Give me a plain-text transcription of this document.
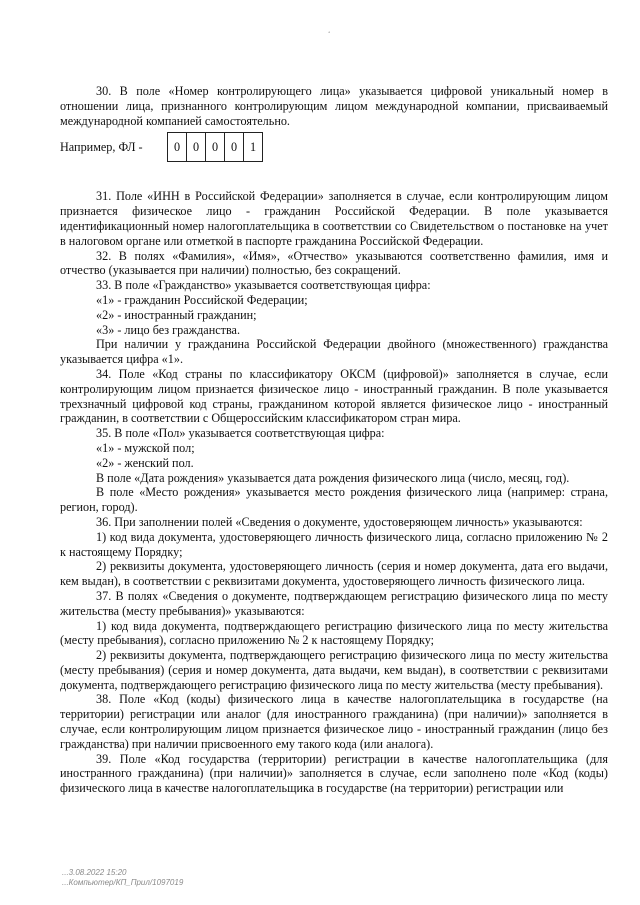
‘

30. В поле «Номер контролирующего лица» указывается цифровой уникальный номер в отношении лица, признанного контролирующим лицом международной компании, присваиваемый международной компанией самостоятельно.

Например, ФЛ -	0	0	0	0	1

31. Поле «ИНН в Российской Федерации» заполняется в случае, если контролирующим лицом признается физическое лицо - гражданин Российской Федерации. В поле указывается идентификационный номер налогоплательщика в соответствии со Свидетельством о постановке на учет в налоговом органе или отметкой в паспорте гражданина Российской Федерации.

32. В полях «Фамилия», «Имя», «Отчество» указываются соответственно фамилия, имя и отчество (указывается при наличии) полностью, без сокращений.

33. В поле «Гражданство» указывается соответствующая цифра:

«1» - гражданин Российской Федерации;

«2» - иностранный гражданин;

«3» - лицо без гражданства.

При наличии у гражданина Российской Федерации двойного (множественного) гражданства указывается цифра «1».

34. Поле «Код страны по классификатору ОКСМ (цифровой)» заполняется в случае, если контролирующим лицом признается физическое лицо - иностранный гражданин. В поле указывается трехзначный цифровой код страны, гражданином которой является физическое лицо - иностранный гражданин, в соответствии с Общероссийским классификатором стран мира.

35. В поле «Пол» указывается соответствующая цифра:

«1» - мужской пол;

«2» - женский пол.

В поле «Дата рождения» указывается дата рождения физического лица (число, месяц, год).

В поле «Место рождения» указывается место рождения физического лица (например: страна, регион, город).

36. При заполнении полей «Сведения о документе, удостоверяющем личность» указываются:

1) код вида документа, удостоверяющего личность физического лица, согласно приложению № 2 к настоящему Порядку;

2) реквизиты документа, удостоверяющего личность (серия и номер документа, дата его выдачи, кем выдан), в соответствии с реквизитами документа, удостоверяющего личность физического лица.

37. В полях «Сведения о документе, подтверждающем регистрацию физического лица по месту жительства (месту пребывания)» указываются:

1) код вида документа, подтверждающего регистрацию физического лица по месту жительства (месту пребывания), согласно приложению № 2 к настоящему Порядку;

2) реквизиты документа, подтверждающего регистрацию физического лица по месту жительства (месту пребывания) (серия и номер документа, дата выдачи, кем выдан), в соответствии с реквизитами документа, подтверждающего регистрацию физического лица по месту жительства (месту пребывания).

38. Поле «Код (коды) физического лица в качестве налогоплательщика в государстве (на территории) регистрации или аналог (для иностранного гражданина) (при наличии)» заполняется в случае, если контролирующим лицом признается физическое лицо - иностранный гражданин (лицо без гражданства) при наличии присвоенного ему такого кода (или аналога).

39. Поле «Код государства (территории) регистрации в качестве налогоплательщика (для иностранного гражданина) (при наличии)» заполняется в случае, если заполнено поле «Код (коды) физического лица в качестве налогоплательщика в государстве (на территории) регистрации или

...3.08.2022 15:20
...Компьютер/КП_Прил/1097019
